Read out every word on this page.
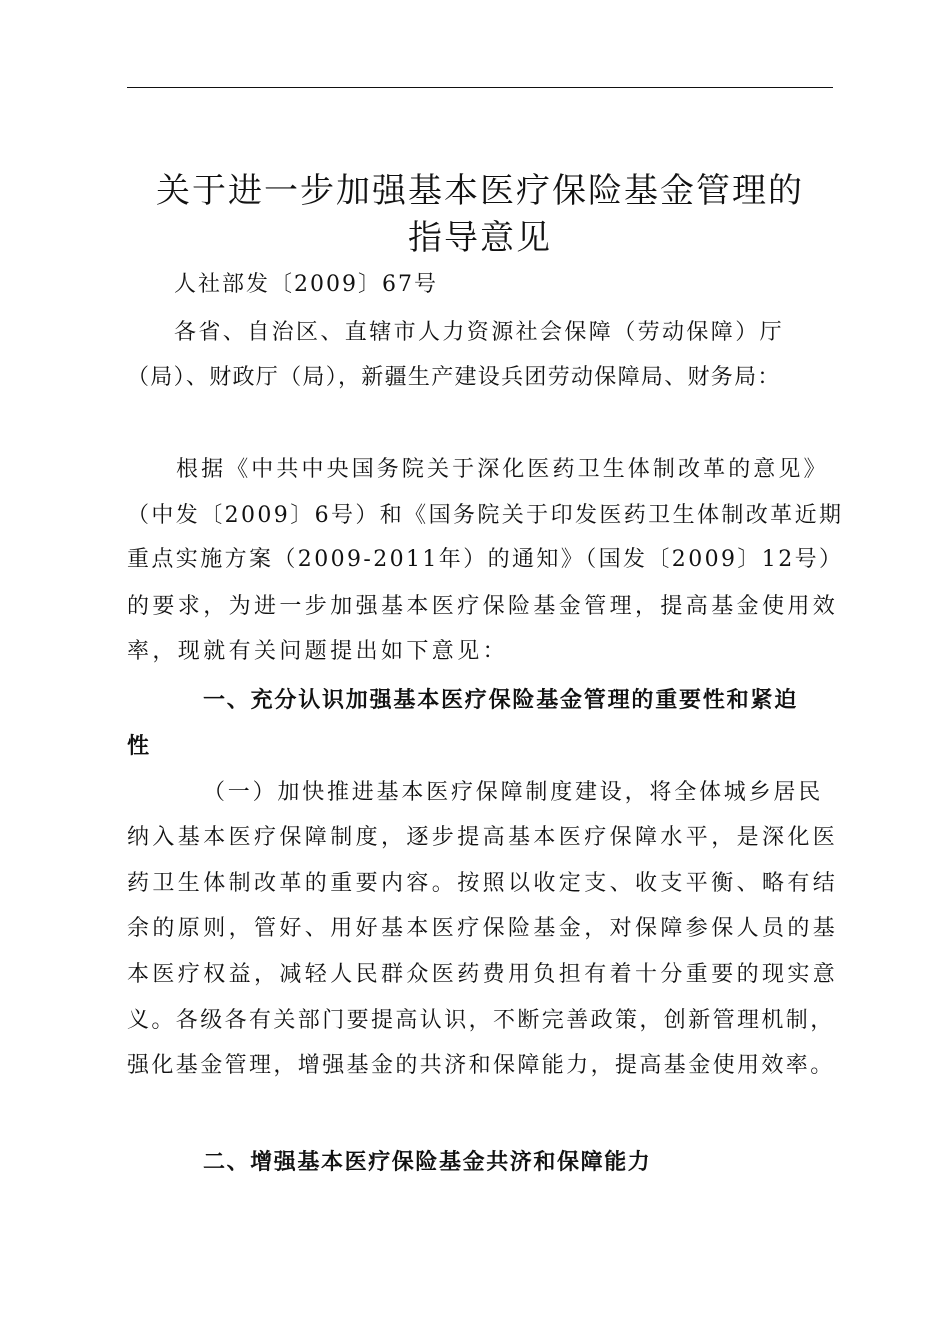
关于进一步加强基本医疗保险基金管理的
指导意见
人社部发〔2009〕67号
各省、自治区、直辖市人力资源社会保障（劳动保障）厅
（局）、财政厅（局），新疆生产建设兵团劳动保障局、财务局：
根据《中共中央国务院关于深化医药卫生体制改革的意见》
（中发〔2009〕6号）和《国务院关于印发医药卫生体制改革近期
重点实施方案（2009-2011年）的通知》（国发〔2009〕12号）
的要求，为进一步加强基本医疗保险基金管理，提高基金使用效
率，现就有关问题提出如下意见：
一、充分认识加强基本医疗保险基金管理的重要性和紧迫
性
（一）加快推进基本医疗保障制度建设，将全体城乡居民
纳入基本医疗保障制度，逐步提高基本医疗保障水平，是深化医
药卫生体制改革的重要内容。按照以收定支、收支平衡、略有结
余的原则，管好、用好基本医疗保险基金，对保障参保人员的基
本医疗权益，减轻人民群众医药费用负担有着十分重要的现实意
义。各级各有关部门要提高认识，不断完善政策，创新管理机制，
强化基金管理，增强基金的共济和保障能力，提高基金使用效率。
二、增强基本医疗保险基金共济和保障能力
